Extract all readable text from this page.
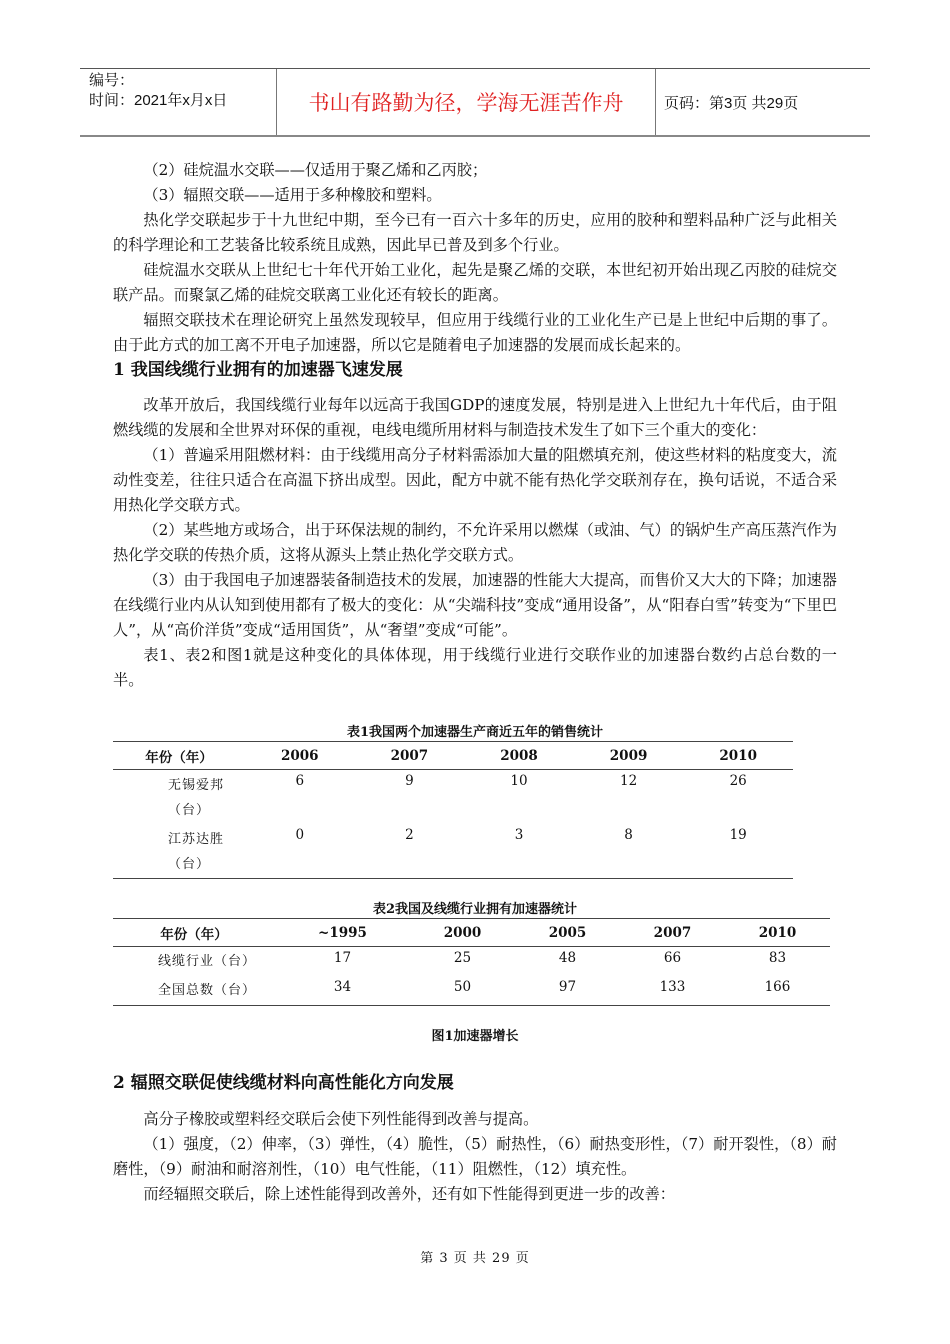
编号：
时间：2021年x月x日	书山有路勤为径，学海无涯苦作舟	页码：第3页 共29页

（2）硅烷温水交联——仅适用于聚乙烯和乙丙胶；

（3）辐照交联——适用于多种橡胶和塑料。

热化学交联起步于十九世纪中期，至今已有一百六十多年的历史，应用的胶种和塑料品种广泛与此相关的科学理论和工艺装备比较系统且成熟，因此早已普及到多个行业。

硅烷温水交联从上世纪七十年代开始工业化，起先是聚乙烯的交联，本世纪初开始出现乙丙胶的硅烷交联产品。而聚氯乙烯的硅烷交联离工业化还有较长的距离。

辐照交联技术在理论研究上虽然发现较早，但应用于线缆行业的工业化生产已是上世纪中后期的事了。由于此方式的加工离不开电子加速器，所以它是随着电子加速器的发展而成长起来的。

1 我国线缆行业拥有的加速器飞速发展

改革开放后，我国线缆行业每年以远高于我国GDP的速度发展，特别是进入上世纪九十年代后，由于阻燃线缆的发展和全世界对环保的重视，电线电缆所用材料与制造技术发生了如下三个重大的变化：

（1）普遍采用阻燃材料：由于线缆用高分子材料需添加大量的阻燃填充剂，使这些材料的粘度变大，流动性变差，往往只适合在高温下挤出成型。因此，配方中就不能有热化学交联剂存在，换句话说，不适合采用热化学交联方式。

（2）某些地方或场合，出于环保法规的制约，不允许采用以燃煤（或油、气）的锅炉生产高压蒸汽作为热化学交联的传热介质，这将从源头上禁止热化学交联方式。

（3）由于我国电子加速器装备制造技术的发展，加速器的性能大大提高，而售价又大大的下降；加速器在线缆行业内从认知到使用都有了极大的变化：从“尖端科技”变成“通用设备”，从“阳春白雪”转变为“下里巴人”，从“高价洋货”变成“适用国货”，从“奢望”变成“可能”。

表1、表2和图1就是这种变化的具体体现，用于线缆行业进行交联作业的加速器台数约占总台数的一半。

表1我国两个加速器生产商近五年的销售统计
年份（年）	2006	2007	2008	2009	2010
无锡爱邦
（台）	6	9	10	12	26
江苏达胜
（台）	0	2	3	8	19
表2我国及线缆行业拥有加速器统计
年份（年）	~1995	2000	2005	2007	2010
线缆行业（台）	17	25	48	66	83
全国总数（台）	34	50	97	133	166
图1加速器增长
2 辐照交联促使线缆材料向高性能化方向发展

高分子橡胶或塑料经交联后会使下列性能得到改善与提高。

（1）强度，（2）伸率，（3）弹性，（4）脆性，（5）耐热性，（6）耐热变形性，（7）耐开裂性，（8）耐磨性，（9）耐油和耐溶剂性，（10）电气性能，（11）阻燃性，（12）填充性。

而经辐照交联后，除上述性能得到改善外，还有如下性能得到更进一步的改善：

第 3 页 共 29 页
